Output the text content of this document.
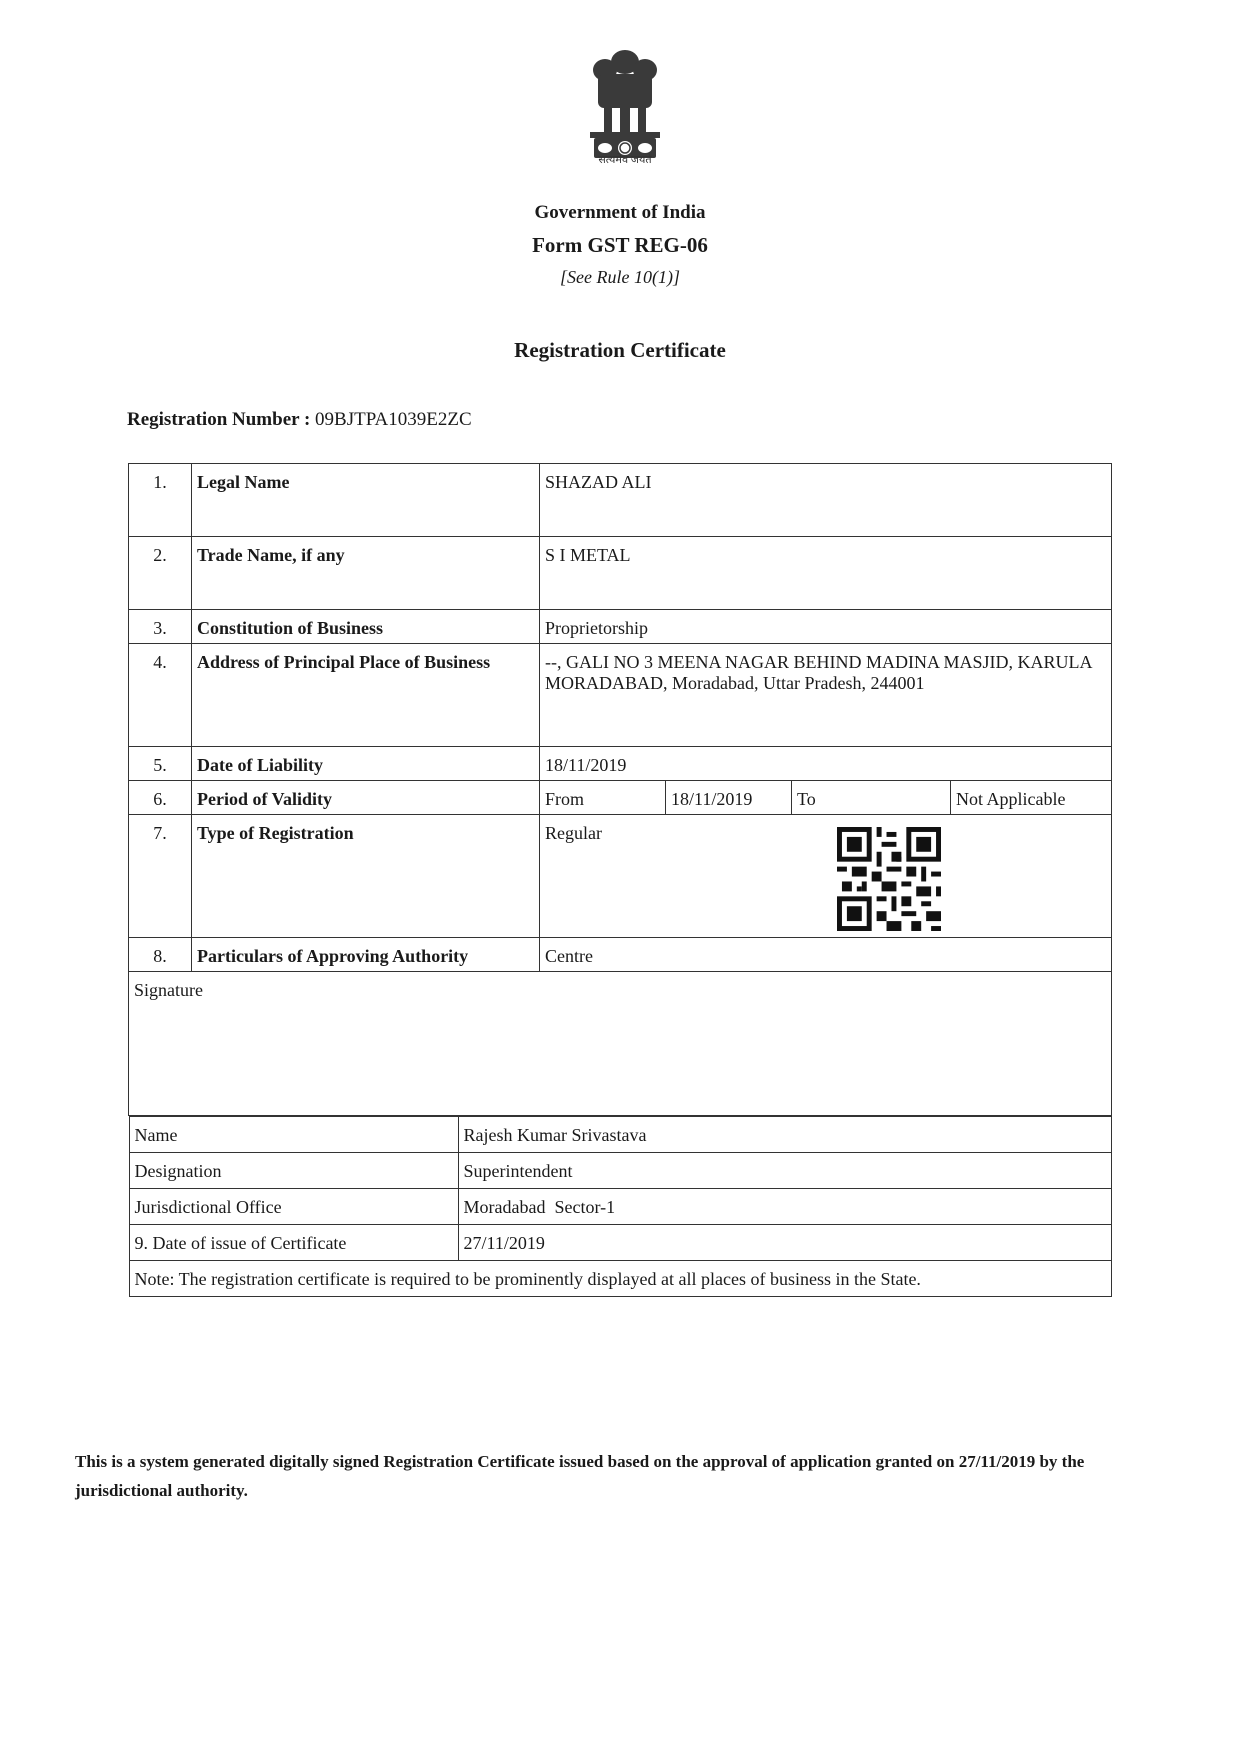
सत्यमेव जयते
Government of India
Form GST REG-06
[See Rule 10(1)]
Registration Certificate
Registration Number : 09BJTPA1039E2ZC
1.	Legal Name	SHAZAD ALI
2.	Trade Name, if any	S I METAL
3.	Constitution of Business	Proprietorship
4.	Address of Principal Place of Business	--, GALI NO 3 MEENA NAGAR BEHIND MADINA MASJID, KARULA MORADABAD, Moradabad, Uttar Pradesh, 244001
5.	Date of Liability	18/11/2019
6.	Period of Validity	From	18/11/2019	To	Not Applicable
7.	Type of Registration	Regular

8.	Particulars of Approving Authority	Centre
Signature

Name	Rajesh Kumar Srivastava
Designation	Superintendent
Jurisdictional Office	Moradabad  Sector-1
9. Date of issue of Certificate	27/11/2019
Note: The registration certificate is required to be prominently displayed at all places of business in the State.
This is a system generated digitally signed Registration Certificate issued based on the approval of application granted on 27/11/2019 by the jurisdictional authority.
